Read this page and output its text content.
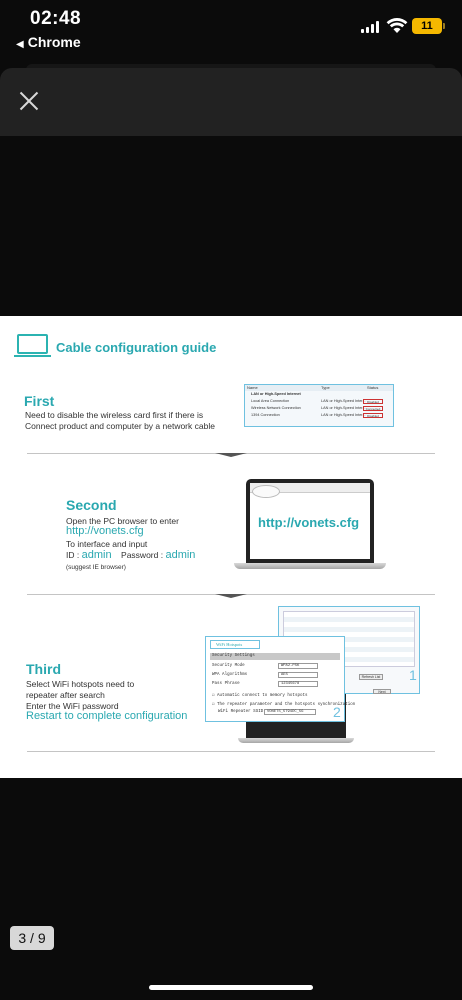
02:48
◀ Chrome
11
Cable configuration guide
First
Need to disable the wireless card first if there is
Connect product and computer by a network cable
Name	Type	Status
LAN or High-Speed Internet
Local Area Connection	LAN or High-Speed Inter... Disabled
Wireless Network Connection	LAN or High-Speed Inter... Connected
1394 Connection	LAN or High-Speed Inter... Disabled
Second
Open the PC browser to enter
http://vonets.cfg
To interface and input
ID : admin Password : admin
(suggest IE browser)
http://vonets.cfg
Third
Select WiFi hotspots need to
repeater after search
Enter the WiFi password
Restart to complete configuration
Refresh List
Next
1
WiFi Hotspots
Security Settings
Security Mode	WPA2-PSK
WPA Algorithms	AES
Pass Phrase	12345678
☑ Automatic connect to memory hotspots
☑ The repeater parameter and the hotspots synchronization
WiFi Repeater SSID VONETS_5794DC_5G	2
3 / 9
